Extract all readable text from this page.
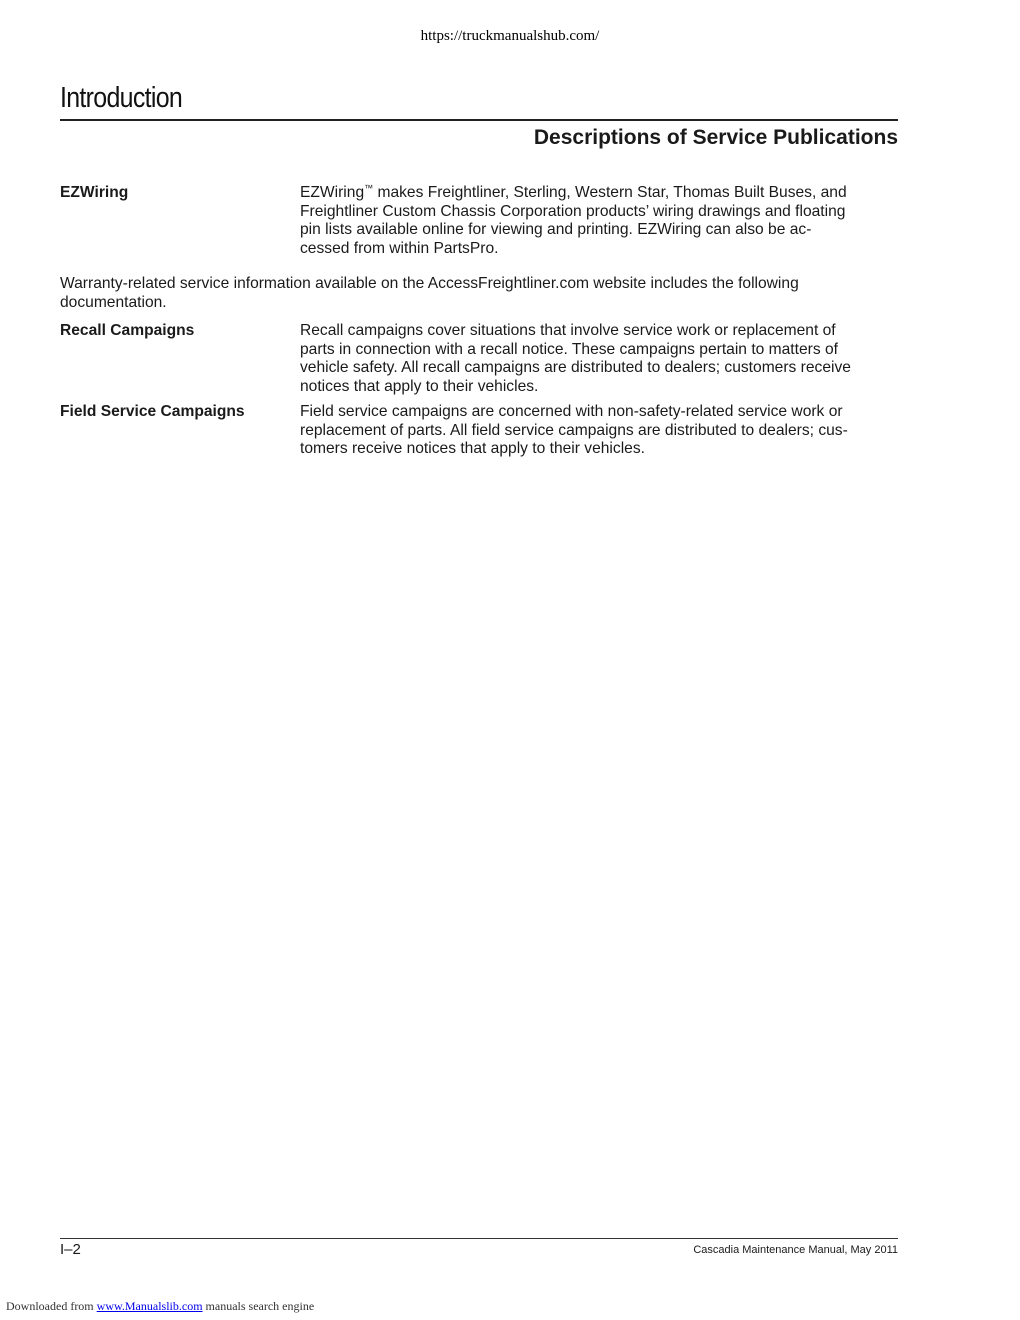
https://truckmanualshub.com/
Introduction
Descriptions of Service Publications
EZWiring	EZWiring™ makes Freightliner, Sterling, Western Star, Thomas Built Buses, and
Freightliner Custom Chassis Corporation products’ wiring drawings and floating
pin lists available online for viewing and printing. EZWiring can also be ac-
cessed from within PartsPro.

Warranty-related service information available on the AccessFreightliner.com website includes the following
documentation.

Recall Campaigns	Recall campaigns cover situations that involve service work or replacement of
parts in connection with a recall notice. These campaigns pertain to matters of
vehicle safety. All recall campaigns are distributed to dealers; customers receive
notices that apply to their vehicles.

Field Service Campaigns	Field service campaigns are concerned with non-safety-related service work or
replacement of parts. All field service campaigns are distributed to dealers; cus-
tomers receive notices that apply to their vehicles.

I–2	Cascadia Maintenance Manual, May 2011
Downloaded from www.Manualslib.com manuals search engine
